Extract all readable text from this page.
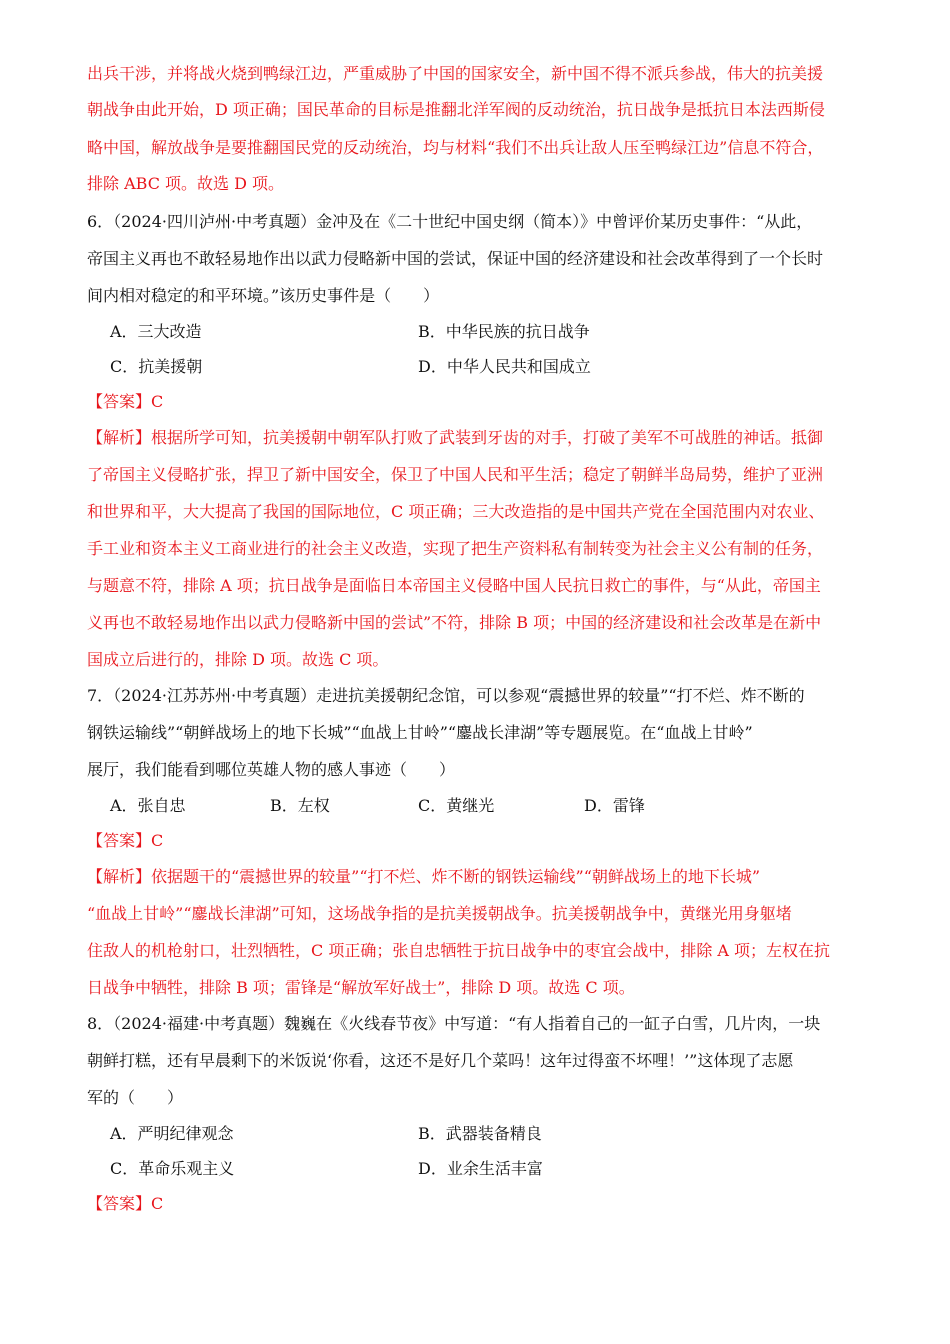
出兵干涉，并将战火烧到鸭绿江边，严重威胁了中国的国家安全，新中国不得不派兵参战，伟大的抗美援
朝战争由此开始，D 项正确；国民革命的目标是推翻北洋军阀的反动统治，抗日战争是抵抗日本法西斯侵
略中国，解放战争是要推翻国民党的反动统治，均与材料“我们不出兵让敌人压至鸭绿江边”信息不符合，
排除 ABC 项。故选 D 项。
6．（2024·四川泸州·中考真题）金冲及在《二十世纪中国史纲（简本）》中曾评价某历史事件：“从此，
帝国主义再也不敢轻易地作出以武力侵略新中国的尝试，保证中国的经济建设和社会改革得到了一个长时
间内相对稳定的和平环境。”该历史事件是（　　）
A．三大改造	B．中华民族的抗日战争
C．抗美援朝	D．中华人民共和国成立
【答案】C
【解析】根据所学可知，抗美援朝中朝军队打败了武装到牙齿的对手，打破了美军不可战胜的神话。抵御
了帝国主义侵略扩张，捍卫了新中国安全，保卫了中国人民和平生活；稳定了朝鲜半岛局势，维护了亚洲
和世界和平，大大提高了我国的国际地位，C 项正确；三大改造指的是中国共产党在全国范围内对农业、
手工业和资本主义工商业进行的社会主义改造，实现了把生产资料私有制转变为社会主义公有制的任务，
与题意不符，排除 A 项；抗日战争是面临日本帝国主义侵略中国人民抗日救亡的事件，与“从此，帝国主
义再也不敢轻易地作出以武力侵略新中国的尝试”不符，排除 B 项；中国的经济建设和社会改革是在新中
国成立后进行的，排除 D 项。故选 C 项。
7．（2024·江苏苏州·中考真题）走进抗美援朝纪念馆，可以参观“震撼世界的较量”“打不烂、炸不断的
钢铁运输线”“朝鲜战场上的地下长城”“血战上甘岭”“鏖战长津湖”等专题展览。在“血战上甘岭”
展厅，我们能看到哪位英雄人物的感人事迹（　　）
A．张自忠	B．左权	C．黄继光	D．雷锋
【答案】C
【解析】依据题干的“震撼世界的较量”“打不烂、炸不断的钢铁运输线”“朝鲜战场上的地下长城”
“血战上甘岭”“鏖战长津湖”可知，这场战争指的是抗美援朝战争。抗美援朝战争中，黄继光用身躯堵
住敌人的机枪射口，壮烈牺牲，C 项正确；张自忠牺牲于抗日战争中的枣宜会战中，排除 A 项；左权在抗
日战争中牺牲，排除 B 项；雷锋是“解放军好战士”，排除 D 项。故选 C 项。
8．（2024·福建·中考真题）魏巍在《火线春节夜》中写道：“有人指着自己的一缸子白雪，几片肉，一块
朝鲜打糕，还有早晨剩下的米饭说‘你看，这还不是好几个菜吗！这年过得蛮不坏哩！’”这体现了志愿
军的（　　）
A．严明纪律观念	B．武器装备精良
C．革命乐观主义	D．业余生活丰富
【答案】C
